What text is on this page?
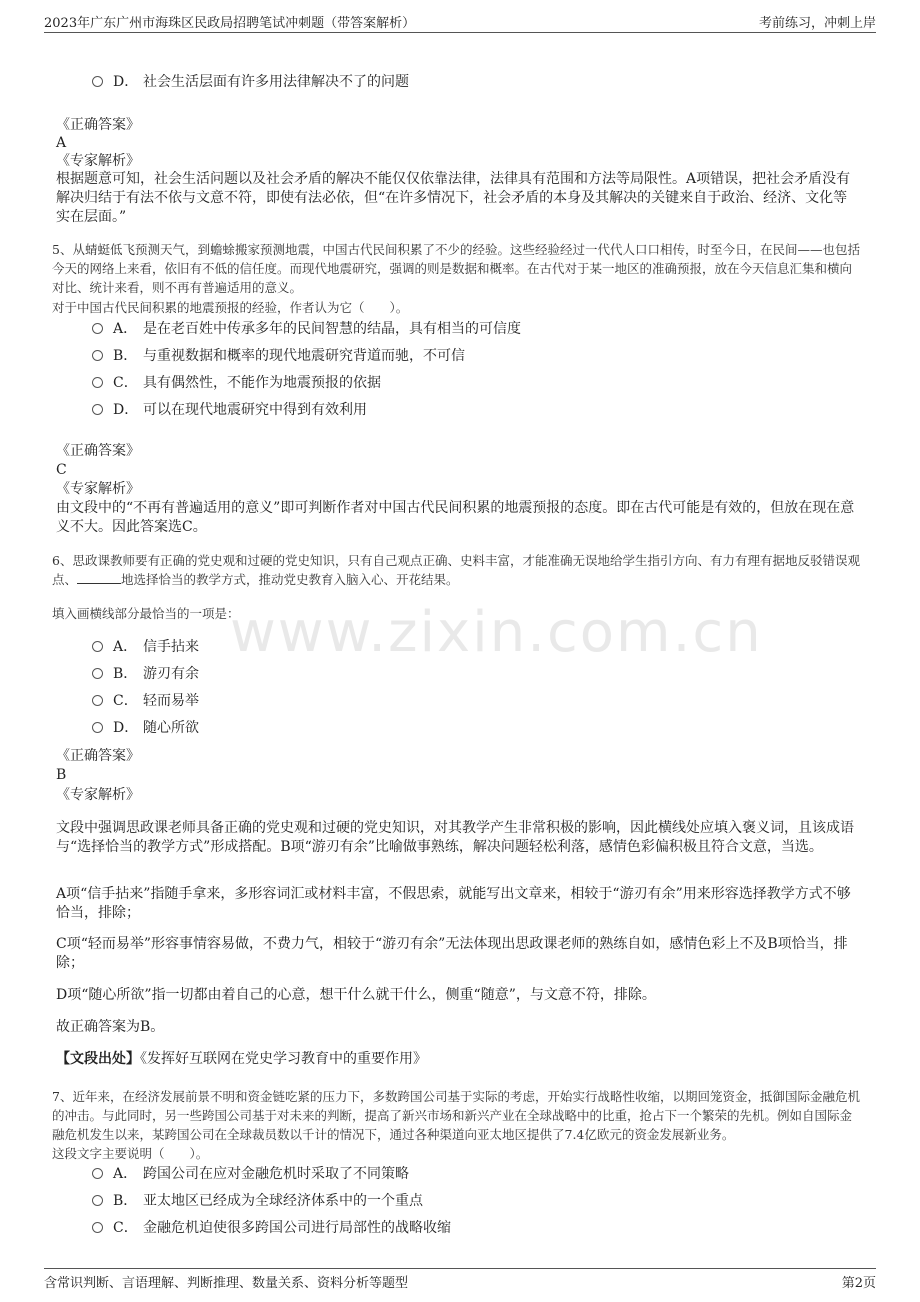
2023年广东广州市海珠区民政局招聘笔试冲刺题（带答案解析）	考前练习，冲刺上岸
www.zixin.com.cn
D． 社会生活层面有许多用法律解决不了的问题
《正确答案》
A
《专家解析》
根据题意可知，社会生活问题以及社会矛盾的解决不能仅仅依靠法律，法律具有范围和方法等局限性。A项错误，把社会矛盾没有解决归结于有法不依与文意不符，即使有法必依，但“在许多情况下，社会矛盾的本身及其解决的关键来自于政治、经济、文化等实在层面。”
5、从蜻蜓低飞预测天气，到蟾蜍搬家预测地震，中国古代民间积累了不少的经验。这些经验经过一代代人口口相传，时至今日，在民间——也包括今天的网络上来看，依旧有不低的信任度。而现代地震研究，强调的则是数据和概率。在古代对于某一地区的准确预报，放在今天信息汇集和横向对比、统计来看，则不再有普遍适用的意义。
对于中国古代民间积累的地震预报的经验，作者认为它（　　）。
A． 是在老百姓中传承多年的民间智慧的结晶，具有相当的可信度
B． 与重视数据和概率的现代地震研究背道而驰，不可信
C． 具有偶然性，不能作为地震预报的依据
D． 可以在现代地震研究中得到有效利用
《正确答案》
C
《专家解析》
由文段中的“不再有普遍适用的意义”即可判断作者对中国古代民间积累的地震预报的态度。即在古代可能是有效的，但放在现在意义不大。因此答案选C。
6、思政课教师要有正确的党史观和过硬的党史知识，只有自己观点正确、史料丰富，才能准确无误地给学生指引方向、有力有理有据地反驳错误观点、	地选择恰当的教学方式，推动党史教育入脑入心、开花结果。
填入画横线部分最恰当的一项是：
A． 信手拈来
B． 游刃有余
C． 轻而易举
D． 随心所欲
《正确答案》
B
《专家解析》
文段中强调思政课老师具备正确的党史观和过硬的党史知识，对其教学产生非常积极的影响，因此横线处应填入褒义词，且该成语与“选择恰当的教学方式”形成搭配。B项“游刃有余”比喻做事熟练，解决问题轻松利落，感情色彩偏积极且符合文意，当选。
A项“信手拈来”指随手拿来，多形容词汇或材料丰富，不假思索，就能写出文章来，相较于“游刃有余”用来形容选择教学方式不够恰当，排除；
C项“轻而易举”形容事情容易做，不费力气，相较于“游刃有余”无法体现出思政课老师的熟练自如，感情色彩上不及B项恰当，排除；
D项“随心所欲”指一切都由着自己的心意，想干什么就干什么，侧重“随意”，与文意不符，排除。
故正确答案为B。
【文段出处】《发挥好互联网在党史学习教育中的重要作用》
7、近年来，在经济发展前景不明和资金链吃紧的压力下，多数跨国公司基于实际的考虑，开始实行战略性收缩，以期回笼资金，抵御国际金融危机的冲击。与此同时，另一些跨国公司基于对未来的判断，提高了新兴市场和新兴产业在全球战略中的比重，抢占下一个繁荣的先机。例如自国际金融危机发生以来，某跨国公司在全球裁员数以千计的情况下，通过各种渠道向亚太地区提供了7.4亿欧元的资金发展新业务。
这段文字主要说明（　　）。
A． 跨国公司在应对金融危机时采取了不同策略
B． 亚太地区已经成为全球经济体系中的一个重点
C． 金融危机迫使很多跨国公司进行局部性的战略收缩
含常识判断、言语理解、判断推理、数量关系、资料分析等题型	第2页
